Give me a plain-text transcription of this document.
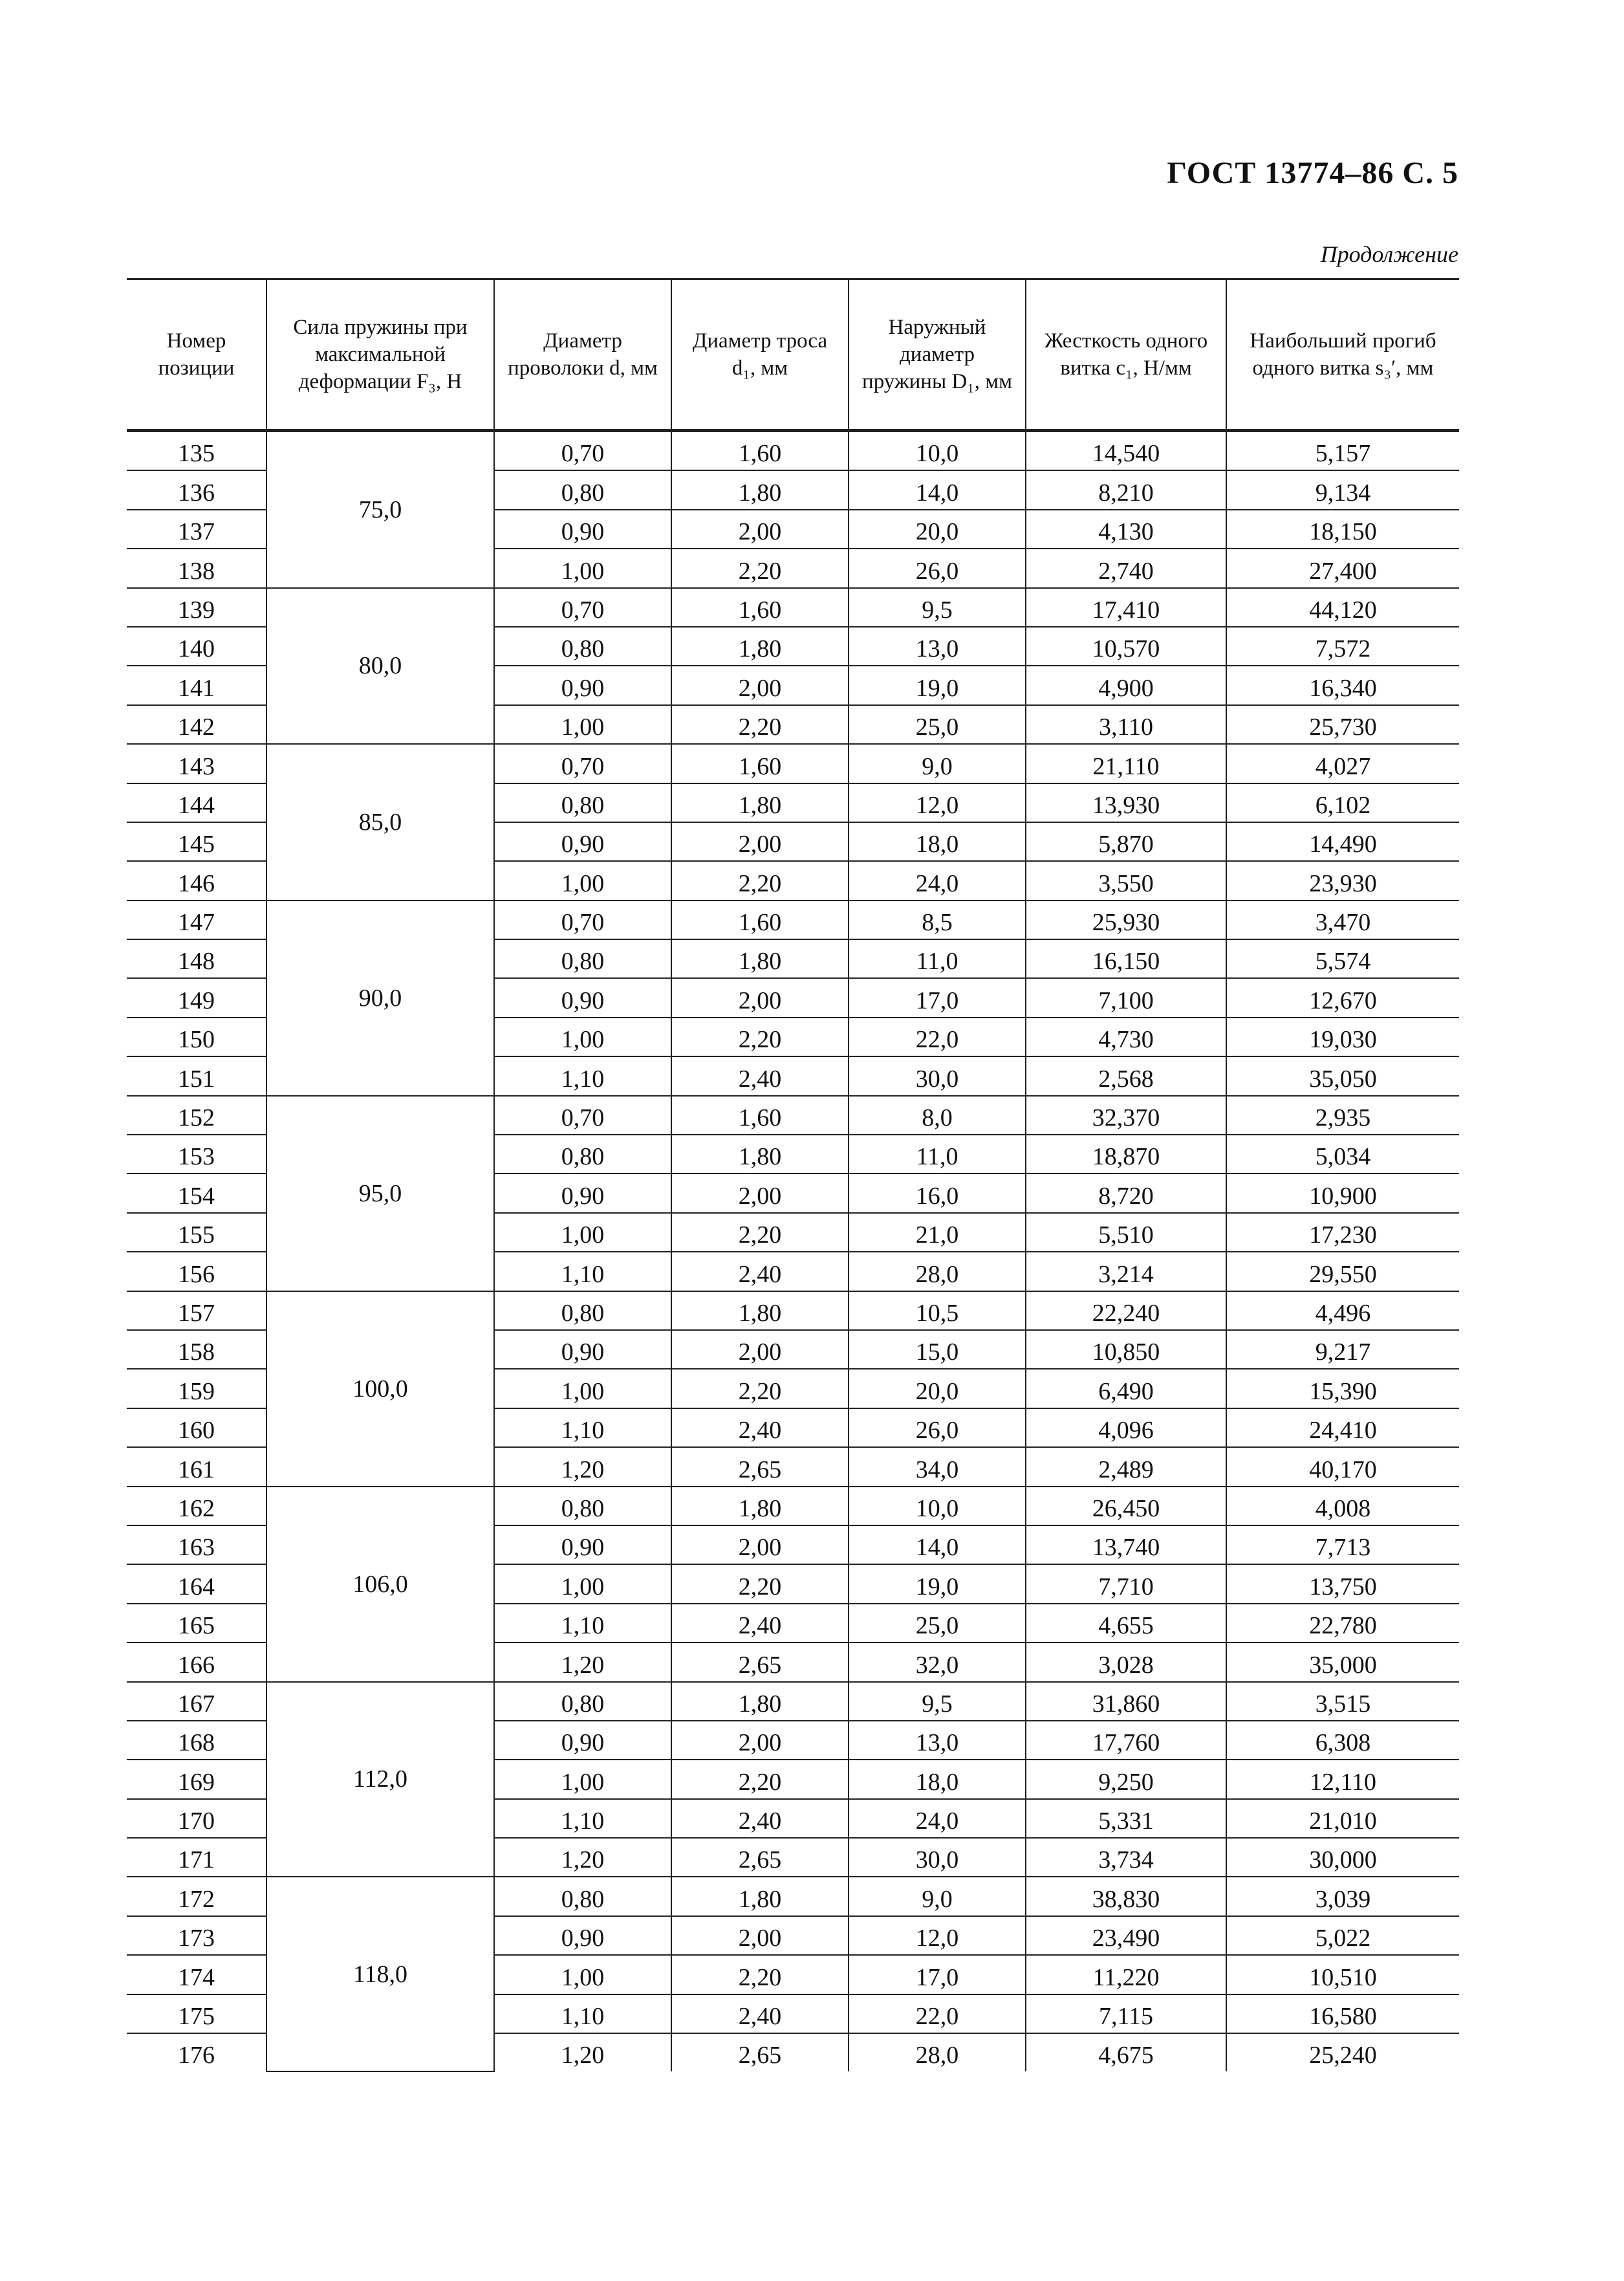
ГОСТ 13774–86 С. 5
Продолжение
Номер позиции	Сила пружины при максимальной деформации F₃, Н	Диаметр проволоки d, мм	Диаметр троса d₁, мм	Наружный диаметр пружины D₁, мм	Жесткость одного витка c₁, Н/мм	Наибольший прогиб одного витка s₃′, мм
135	75,0	0,70	1,60	10,0	14,540	5,157
136		0,80	1,80	14,0	8,210	9,134
137		0,90	2,00	20,0	4,130	18,150
138		1,00	2,20	26,0	2,740	27,400
139	80,0	0,70	1,60	9,5	17,410	44,120
140		0,80	1,80	13,0	10,570	7,572
141		0,90	2,00	19,0	4,900	16,340
142		1,00	2,20	25,0	3,110	25,730
143	85,0	0,70	1,60	9,0	21,110	4,027
144		0,80	1,80	12,0	13,930	6,102
145		0,90	2,00	18,0	5,870	14,490
146		1,00	2,20	24,0	3,550	23,930
147	90,0	0,70	1,60	8,5	25,930	3,470
148		0,80	1,80	11,0	16,150	5,574
149		0,90	2,00	17,0	7,100	12,670
150		1,00	2,20	22,0	4,730	19,030
151		1,10	2,40	30,0	2,568	35,050
152	95,0	0,70	1,60	8,0	32,370	2,935
153		0,80	1,80	11,0	18,870	5,034
154		0,90	2,00	16,0	8,720	10,900
155		1,00	2,20	21,0	5,510	17,230
156		1,10	2,40	28,0	3,214	29,550
157	100,0	0,80	1,80	10,5	22,240	4,496
158		0,90	2,00	15,0	10,850	9,217
159		1,00	2,20	20,0	6,490	15,390
160		1,10	2,40	26,0	4,096	24,410
161		1,20	2,65	34,0	2,489	40,170
162	106,0	0,80	1,80	10,0	26,450	4,008
163		0,90	2,00	14,0	13,740	7,713
164		1,00	2,20	19,0	7,710	13,750
165		1,10	2,40	25,0	4,655	22,780
166		1,20	2,65	32,0	3,028	35,000
167	112,0	0,80	1,80	9,5	31,860	3,515
168		0,90	2,00	13,0	17,760	6,308
169		1,00	2,20	18,0	9,250	12,110
170		1,10	2,40	24,0	5,331	21,010
171		1,20	2,65	30,0	3,734	30,000
172	118,0	0,80	1,80	9,0	38,830	3,039
173		0,90	2,00	12,0	23,490	5,022
174		1,00	2,20	17,0	11,220	10,510
175		1,10	2,40	22,0	7,115	16,580
176		1,20	2,65	28,0	4,675	25,240
